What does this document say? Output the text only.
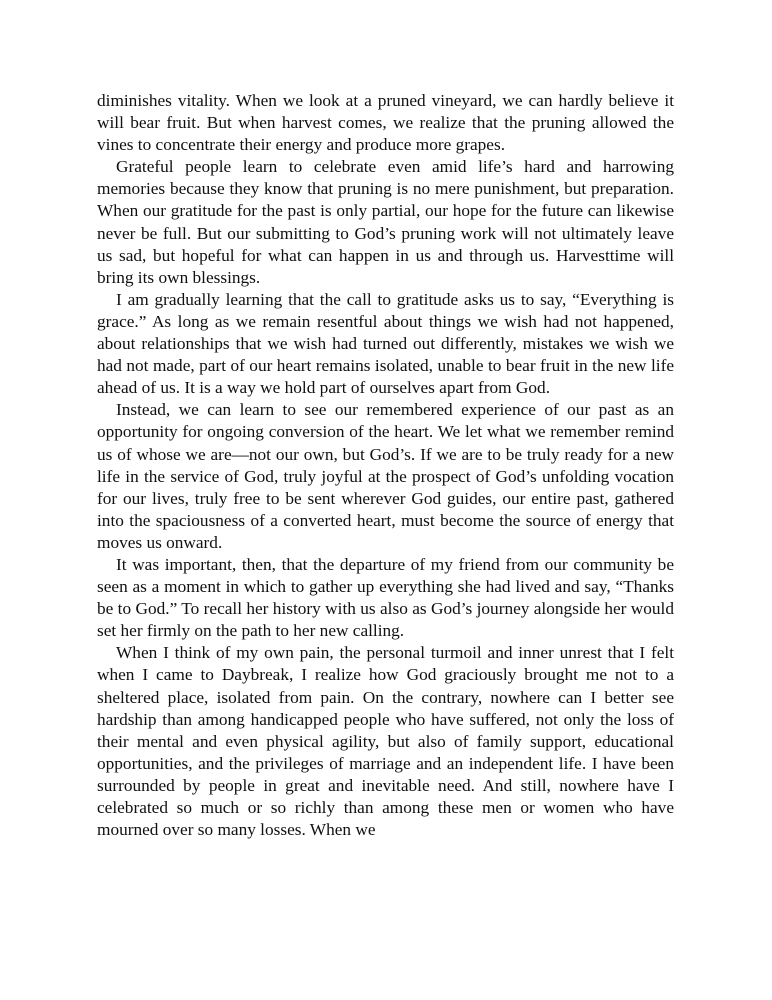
diminishes vitality. When we look at a pruned vineyard, we can hardly believe it will bear fruit. But when harvest comes, we realize that the pruning allowed the vines to concentrate their energy and produce more grapes.

Grateful people learn to celebrate even amid life’s hard and harrowing memories because they know that pruning is no mere punishment, but preparation. When our gratitude for the past is only partial, our hope for the future can likewise never be full. But our submitting to God’s pruning work will not ultimately leave us sad, but hopeful for what can happen in us and through us. Harvesttime will bring its own blessings.

I am gradually learning that the call to gratitude asks us to say, “Everything is grace.” As long as we remain resentful about things we wish had not happened, about relationships that we wish had turned out differently, mistakes we wish we had not made, part of our heart remains isolated, unable to bear fruit in the new life ahead of us. It is a way we hold part of ourselves apart from God.

Instead, we can learn to see our remembered experience of our past as an opportunity for ongoing conversion of the heart. We let what we remember remind us of whose we are—not our own, but God’s. If we are to be truly ready for a new life in the service of God, truly joyful at the prospect of God’s unfolding vocation for our lives, truly free to be sent wherever God guides, our entire past, gathered into the spaciousness of a converted heart, must become the source of energy that moves us onward.

It was important, then, that the departure of my friend from our community be seen as a moment in which to gather up everything she had lived and say, “Thanks be to God.” To recall her history with us also as God’s journey alongside her would set her firmly on the path to her new calling.

When I think of my own pain, the personal turmoil and inner unrest that I felt when I came to Daybreak, I realize how God graciously brought me not to a sheltered place, isolated from pain. On the contrary, nowhere can I better see hardship than among handicapped people who have suffered, not only the loss of their mental and even physical agility, but also of family support, educational opportunities, and the privileges of marriage and an independent life. I have been surrounded by people in great and inevitable need. And still, nowhere have I celebrated so much or so richly than among these men or women who have mourned over so many losses. When we
